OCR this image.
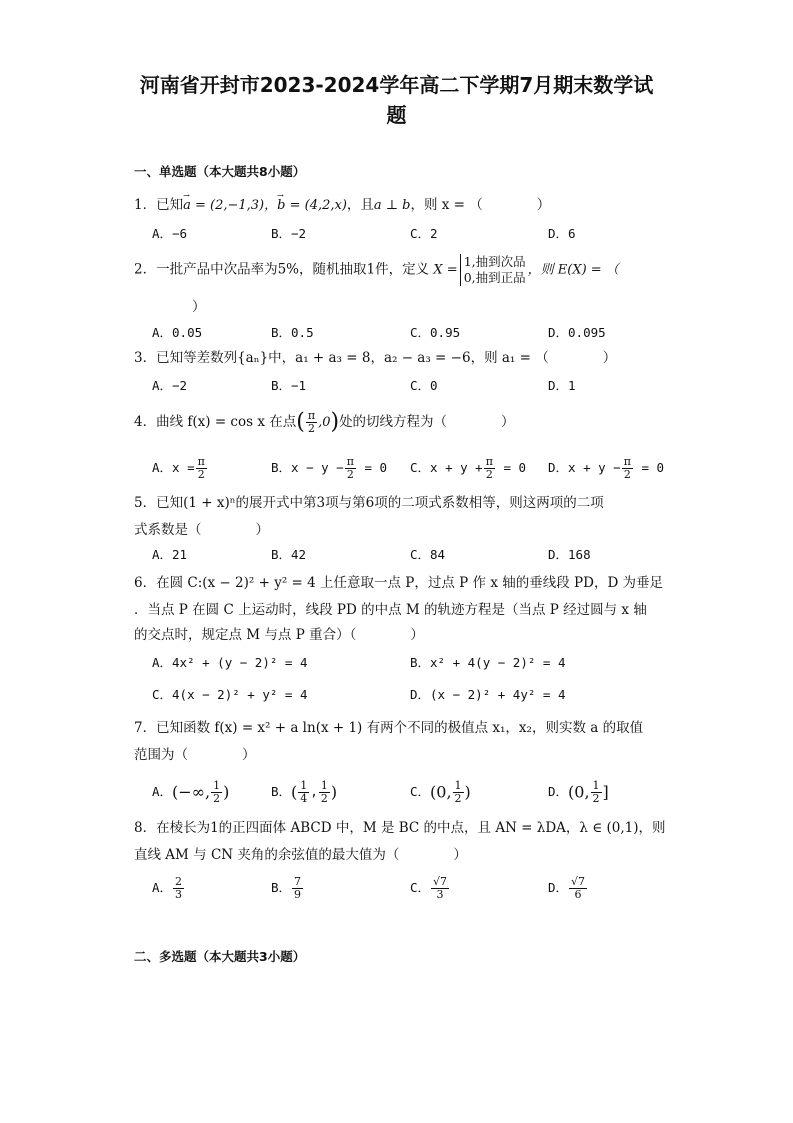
河南省开封市2023-2024学年高二下学期7月期末数学试
题
一、单选题（本大题共8小题）
1．已知→ a = (2,−1,3)，→ b = (4,2,x)，且a ⊥ b，则 x = （　　　　）
A．−6	B．−2	C．2	D．6
2．一批产品中次品率为5%，随机抽取1件，定义 X =
1,抽到次品
0,抽到正品 ，则 E(X) = （
）
A．0.05	B．0.5	C．0.95	D．0.095
3．已知等差数列{aₙ}中，a₁ + a₃ = 8，a₂ − a₃ = −6，则 a₁ = （　　　　）
A．−2	B．−1	C．0	D．1
4．曲线 f(x) = cos x 在点( $\frac{\pi}{2} ,0$)处的切线方程为（　　　　）
A．$x = \frac{\pi}{2}$	B．$x - y - \frac{\pi}{2} = 0$ C．$x + y + \frac{\pi}{2} = 0$ D．$x + y - \frac{\pi}{2} = 0$
5．已知(1 + x)ⁿ的展开式中第3项与第6项的二项式系数相等，则这两项的二项
式系数是（　　　　）
A．21	B．42	C．84	D．168
6．在圆 C:(x − 2)² + y² = 4 上任意取一点 P，过点 P 作 x 轴的垂线段 PD，D 为垂足
．当点 P 在圆 C 上运动时，线段 PD 的中点 M 的轨迹方程是（当点 P 经过圆与 x 轴
的交点时，规定点 M 与点 P 重合）（　　　　）
A．4x² + (y − 2)² = 4	B．x² + 4(y − 2)² = 4
C．4(x − 2)² + y² = 4	D．(x − 2)² + 4y² = 4
7．已知函数 f(x) = x² + a ln(x + 1) 有两个不同的极值点 x₁，x₂，则实数 a 的取值
范围为（　　　　）
A．(−∞, $\frac{1}{2}$ )	B．( $\frac{1}{4}$ , $\frac{1}{2}$ )	C．(0, $\frac{1}{2}$ )	D．(0, $\frac{1}{2}$ ]
8．在棱长为1的正四面体 ABCD 中，M 是 BC 的中点，且 AN = λDA，λ ∈ (0,1)，则
直线 AM 与 CN 夹角的余弦值的最大值为（　　　　）
A． $\frac{2}{3}$	B． $\frac{7}{9}$	C． $\frac{√7}{3}$	D． $\frac{√7}{6}$
二、多选题（本大题共3小题）
